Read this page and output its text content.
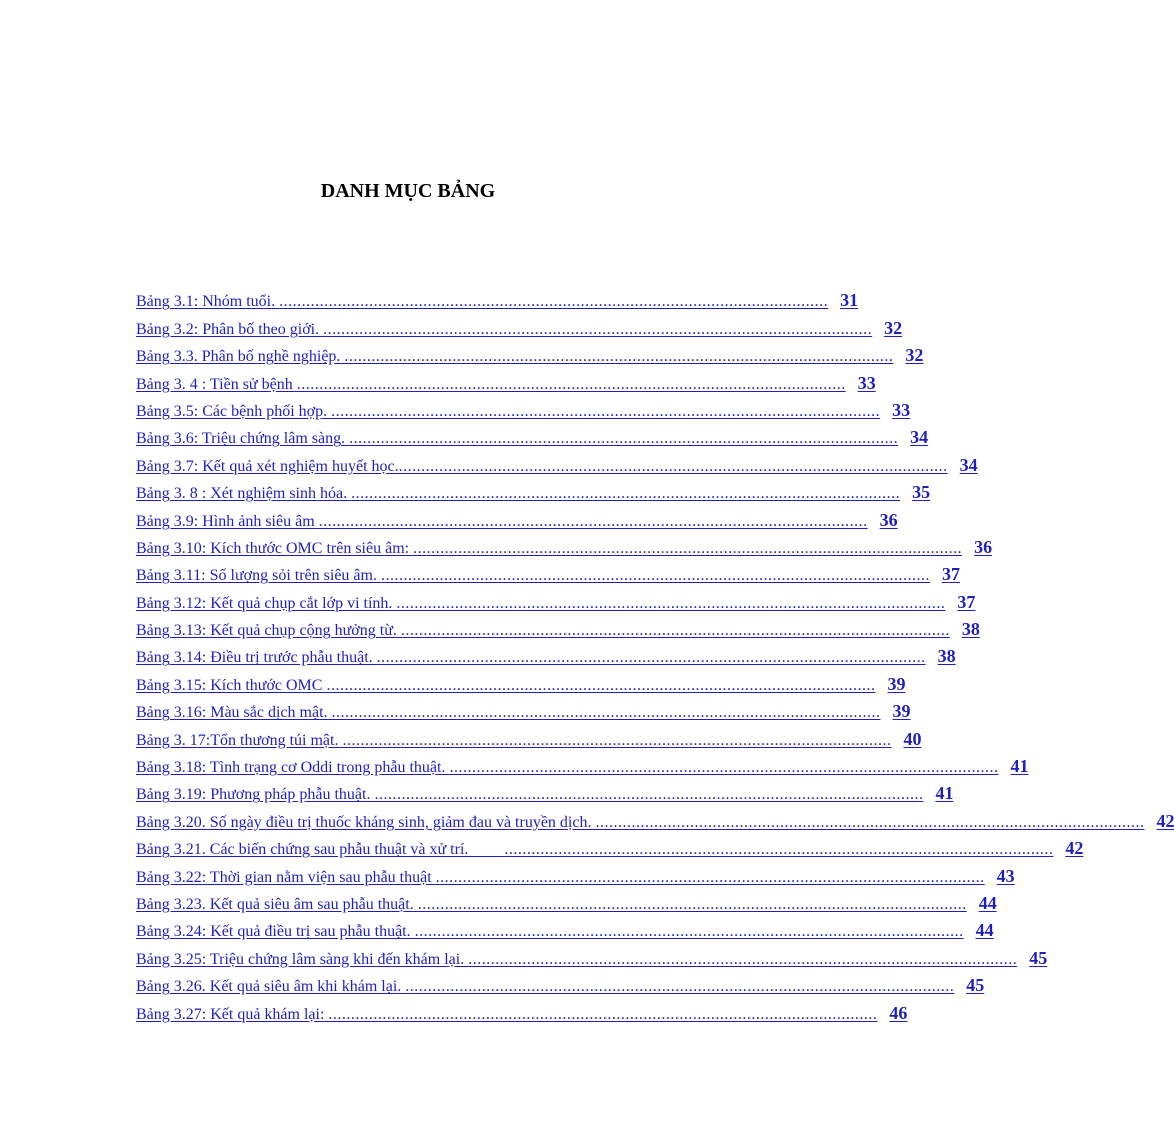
DANH MỤC BẢNG
Bảng 3.1: Nhóm tuổi. .......................................................................................................................... 31
Bảng 3.2: Phân bố theo giới. .......................................................................................................................... 32
Bảng 3.3. Phân bố nghề nghiệp. .......................................................................................................................... 32
Bảng 3. 4 : Tiền sử bệnh .......................................................................................................................... 33
Bảng 3.5: Các bệnh phối hợp. .......................................................................................................................... 33
Bảng 3.6: Triệu chứng lâm sàng. .......................................................................................................................... 34
Bảng 3.7: Kết quả xét nghiệm huyết học. .......................................................................................................................... 34
Bảng 3. 8 : Xét nghiệm sinh hóa. .......................................................................................................................... 35
Bảng 3.9: Hình ảnh siêu âm .......................................................................................................................... 36
Bảng 3.10: Kích thước OMC trên siêu âm: .......................................................................................................................... 36
Bảng 3.11: Số lượng sỏi trên siêu âm. .......................................................................................................................... 37
Bảng 3.12: Kết quả chụp cắt lớp vi tính. .......................................................................................................................... 37
Bảng 3.13: Kết quả chụp cộng hưởng từ. .......................................................................................................................... 38
Bảng 3.14: Điều trị trước phẫu thuật. .......................................................................................................................... 38
Bảng 3.15: Kích thước OMC .......................................................................................................................... 39
Bảng 3.16: Màu sắc dịch mật. .......................................................................................................................... 39
Bảng 3. 17:Tổn thương túi mật. .......................................................................................................................... 40
Bảng 3.18: Tình trạng cơ Oddi trong phẫu thuật. .......................................................................................................................... 41
Bảng 3.19: Phương pháp phẫu thuật. .......................................................................................................................... 41
Bảng 3.20. Số ngày điều trị thuốc kháng sinh, giảm đau và truyền dịch. .......................................................................................................................... 42
Bảng 3.21. Các biến chứng sau phẫu thuật và xử trí. .......................................................................................................................... 42
Bảng 3.22: Thời gian nằm viện sau phẫu thuật .......................................................................................................................... 43
Bảng 3.23. Kết quả siêu âm sau phẫu thuật. .......................................................................................................................... 44
Bảng 3.24: Kết quả điều trị sau phẫu thuật. .......................................................................................................................... 44
Bảng 3.25: Triệu chứng lâm sàng khi đến khám lại. .......................................................................................................................... 45
Bảng 3.26. Kết quả siêu âm khi khám lại. .......................................................................................................................... 45
Bảng 3.27: Kết quả khám lại: .......................................................................................................................... 46
